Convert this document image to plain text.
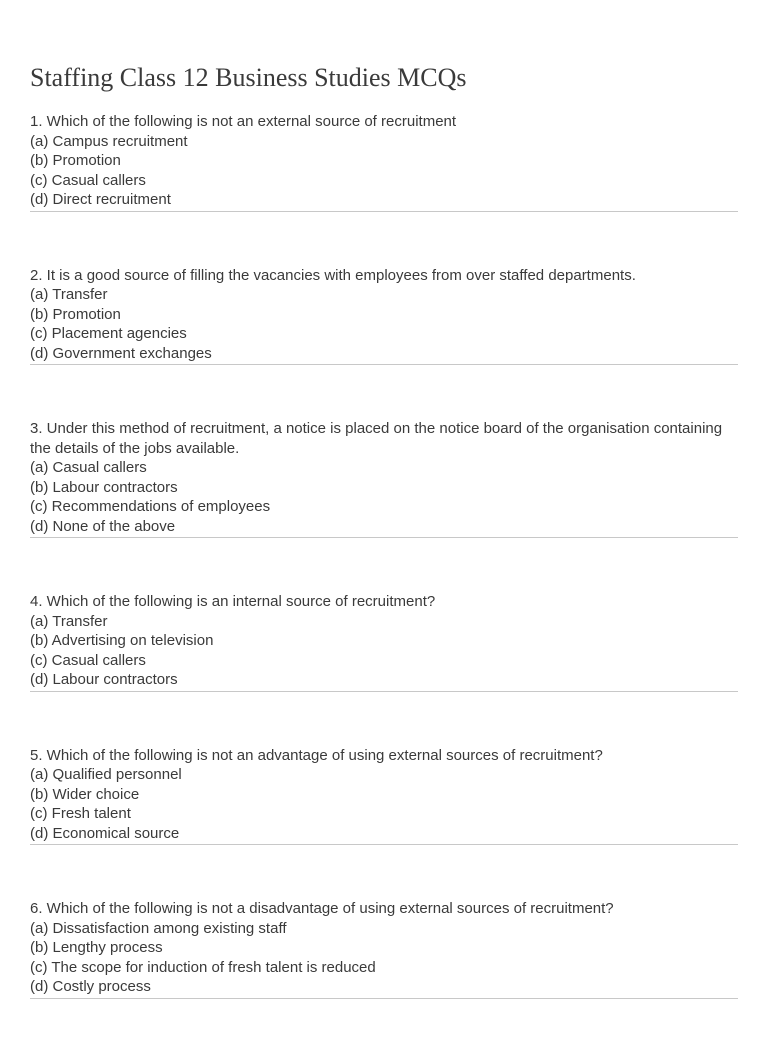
Staffing Class 12 Business Studies MCQs
1. Which of the following is not an external source of recruitment
(a) Campus recruitment
(b) Promotion
(c) Casual callers
(d) Direct recruitment
2. It is a good source of filling the vacancies with employees from over staffed departments.
(a) Transfer
(b) Promotion
(c) Placement agencies
(d) Government exchanges
3. Under this method of recruitment, a notice is placed on the notice board of the organisation containing the details of the jobs available.
(a) Casual callers
(b) Labour contractors
(c) Recommendations of employees
(d) None of the above
4. Which of the following is an internal source of recruitment?
(a) Transfer
(b) Advertising on television
(c) Casual callers
(d) Labour contractors
5. Which of the following is not an advantage of using external sources of recruitment?
(a) Qualified personnel
(b) Wider choice
(c) Fresh talent
(d) Economical source
6. Which of the following is not a disadvantage of using external sources of recruitment?
(a) Dissatisfaction among existing staff
(b) Lengthy process
(c) The scope for induction of fresh talent is reduced
(d) Costly process
